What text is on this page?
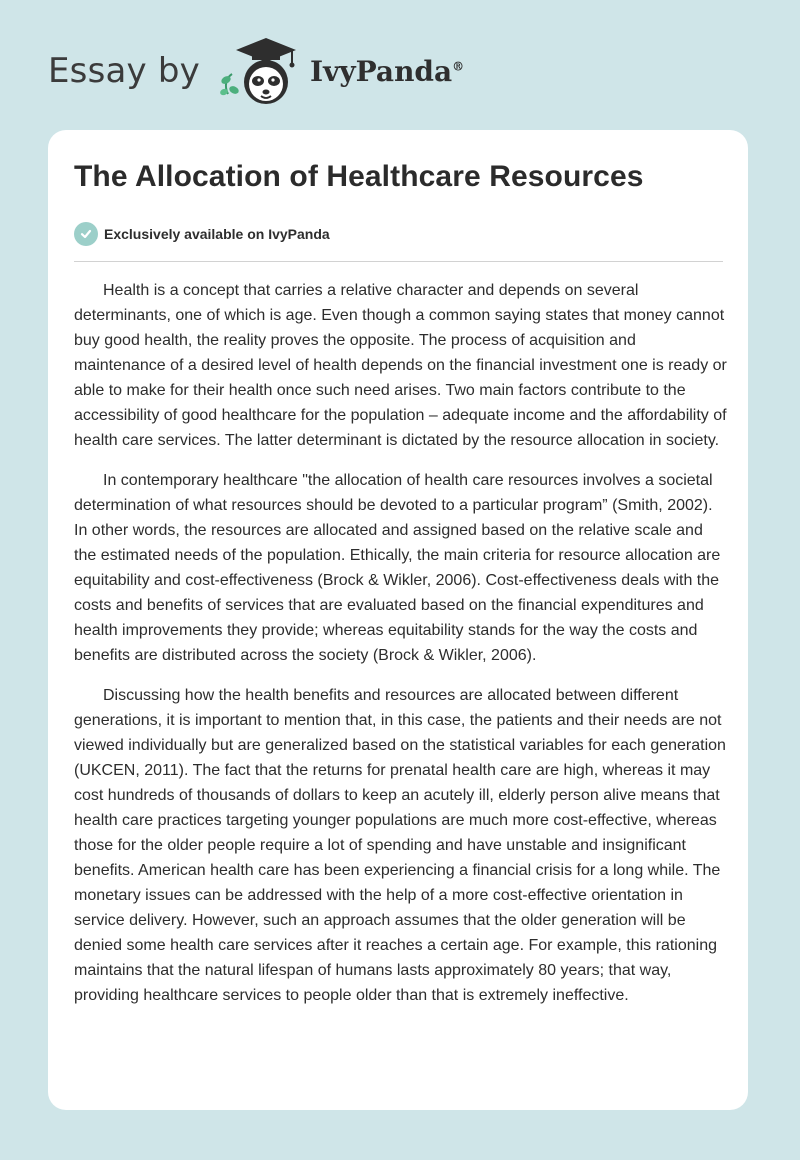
Essay by	IvyPanda®
The Allocation of Healthcare Resources
Exclusively available on IvyPanda

Health is a concept that carries a relative character and depends on several determinants, one of which is age. Even though a common saying states that money cannot buy good health, the reality proves the opposite. The process of acquisition and maintenance of a desired level of health depends on the financial investment one is ready or able to make for their health once such need arises. Two main factors contribute to the accessibility of good healthcare for the population – adequate income and the affordability of health care services. The latter determinant is dictated by the resource allocation in society.

In contemporary healthcare "the allocation of health care resources involves a societal determination of what resources should be devoted to a particular program” (Smith, 2002). In other words, the resources are allocated and assigned based on the relative scale and the estimated needs of the population. Ethically, the main criteria for resource allocation are equitability and cost-effectiveness (Brock & Wikler, 2006). Cost-effectiveness deals with the costs and benefits of services that are evaluated based on the financial expenditures and health improvements they provide; whereas equitability stands for the way the costs and benefits are distributed across the society (Brock & Wikler, 2006).

Discussing how the health benefits and resources are allocated between different generations, it is important to mention that, in this case, the patients and their needs are not viewed individually but are generalized based on the statistical variables for each generation (UKCEN, 2011). The fact that the returns for prenatal health care are high, whereas it may cost hundreds of thousands of dollars to keep an acutely ill, elderly person alive means that health care practices targeting younger populations are much more cost-effective, whereas those for the older people require a lot of spending and have unstable and insignificant benefits. American health care has been experiencing a financial crisis for a long while. The monetary issues can be addressed with the help of a more cost-effective orientation in service delivery. However, such an approach assumes that the older generation will be denied some health care services after it reaches a certain age. For example, this rationing maintains that the natural lifespan of humans lasts approximately 80 years; that way, providing healthcare services to people older than that is extremely ineffective.
